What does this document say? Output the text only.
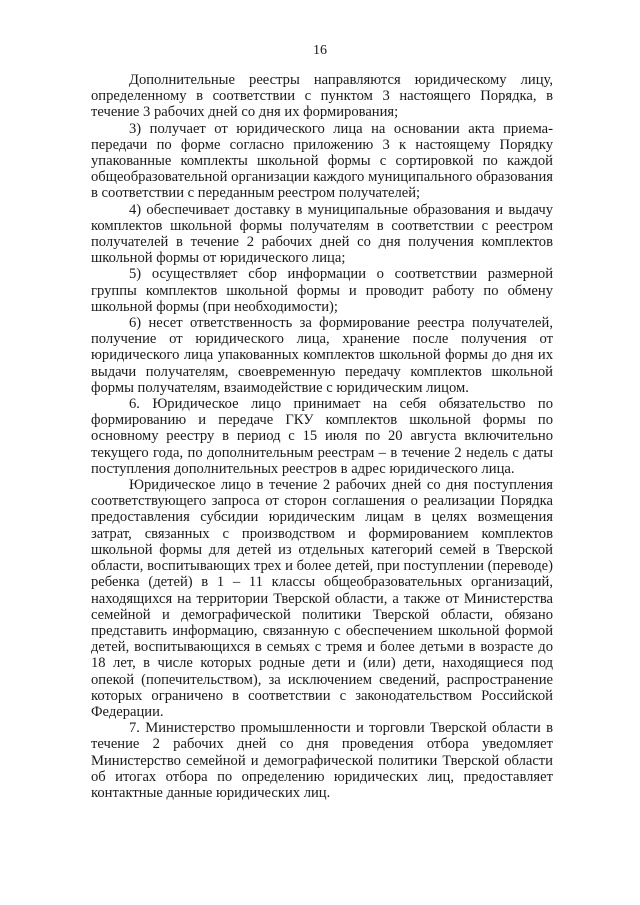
16

Дополнительные реестры направляются юридическому лицу, определенному в соответствии с пунктом 3 настоящего Порядка, в течение 3 рабочих дней со дня их формирования;

3) получает от юридического лица на основании акта приема-передачи по форме согласно приложению 3 к настоящему Порядку упакованные комплекты школьной формы с сортировкой по каждой общеобразовательной организации каждого муниципального образования в соответствии с переданным реестром получателей;

4) обеспечивает доставку в муниципальные образования и выдачу комплектов школьной формы получателям в соответствии с реестром получателей в течение 2 рабочих дней со дня получения комплектов школьной формы от юридического лица;

5) осуществляет сбор информации о соответствии размерной группы комплектов школьной формы и проводит работу по обмену школьной формы (при необходимости);

6) несет ответственность за формирование реестра получателей, получение от юридического лица, хранение после получения от юридического лица упакованных комплектов школьной формы до дня их выдачи получателям, своевременную передачу комплектов школьной формы получателям, взаимодействие с юридическим лицом.

6. Юридическое лицо принимает на себя обязательство по формированию и передаче ГКУ комплектов школьной формы по основному реестру в период с 15 июля по 20 августа включительно текущего года, по дополнительным реестрам – в течение 2 недель с даты поступления дополнительных реестров в адрес юридического лица.

Юридическое лицо в течение 2 рабочих дней со дня поступления соответствующего запроса от сторон соглашения о реализации Порядка предоставления субсидии юридическим лицам в целях возмещения затрат, связанных с производством и формированием комплектов школьной формы для детей из отдельных категорий семей в Тверской области, воспитывающих трех и более детей, при поступлении (переводе) ребенка (детей) в 1 – 11 классы общеобразовательных организаций, находящихся на территории Тверской области, а также от Министерства семейной и демографической политики Тверской области, обязано представить информацию, связанную с обеспечением школьной формой детей, воспитывающихся в семьях с тремя и более детьми в возрасте до 18 лет, в числе которых родные дети и (или) дети, находящиеся под опекой (попечительством), за исключением сведений, распространение которых ограничено в соответствии с законодательством Российской Федерации.

7. Министерство промышленности и торговли Тверской области в течение 2 рабочих дней со дня проведения отбора уведомляет Министерство семейной и демографической политики Тверской области об итогах отбора по определению юридических лиц, предоставляет контактные данные юридических лиц.
